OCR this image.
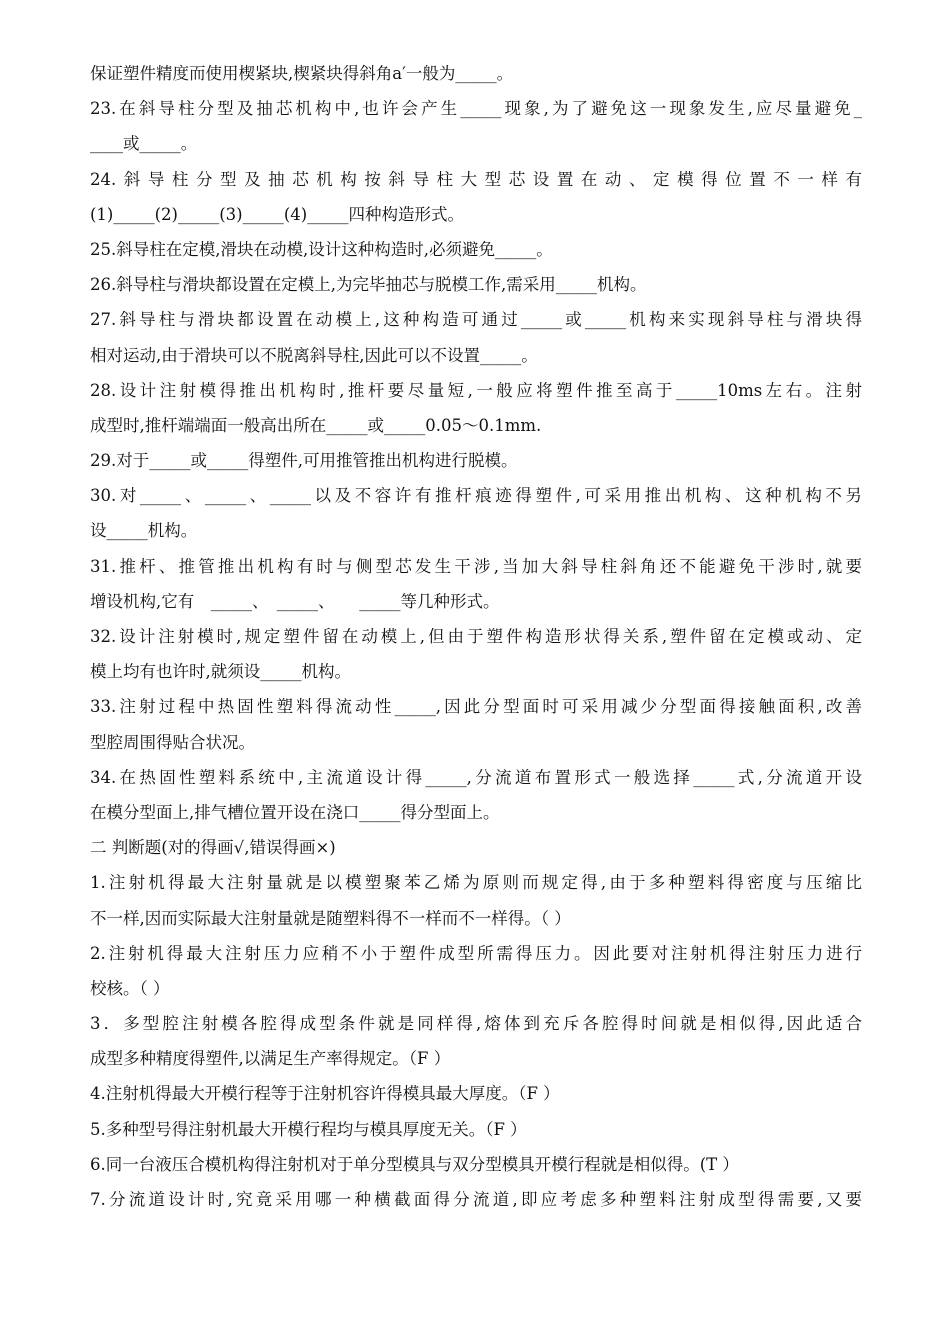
保证塑件精度而使用楔紧块,楔紧块得斜角a′一般为_____。
23.在斜导柱分型及抽芯机构中,也许会产生_____现象,为了避免这一现象发生,应尽量避免_
____或_____。
24.斜导柱分型及抽芯机构按斜导柱大型芯设置在动、定模得位置不一样有
(1)_____(2)_____(3)_____(4)_____四种构造形式。
25.斜导柱在定模,滑块在动模,设计这种构造时,必须避免_____。
26.斜导柱与滑块都设置在定模上,为完毕抽芯与脱模工作,需采用_____机构。
27.斜导柱与滑块都设置在动模上,这种构造可通过_____或_____机构来实现斜导柱与滑块得
相对运动,由于滑块可以不脱离斜导柱,因此可以不设置_____。
28.设计注射模得推出机构时,推杆要尽量短,一般应将塑件推至高于_____10ms左右。注射
成型时,推杆端端面一般高出所在_____或_____0.05～0.1mm.
29.对于_____或_____得塑件,可用推管推出机构进行脱模。
30.对_____、_____、_____以及不容许有推杆痕迹得塑件,可采用推出机构、这种机构不另
设_____机构。
31.推杆、推管推出机构有时与侧型芯发生干涉,当加大斜导柱斜角还不能避免干涉时,就要
增设机构,它有　_____、　_____、　　_____等几种形式。
32.设计注射模时,规定塑件留在动模上,但由于塑件构造形状得关系,塑件留在定模或动、定
模上均有也许时,就须设_____机构。
33.注射过程中热固性塑料得流动性_____,因此分型面时可采用减少分型面得接触面积,改善
型腔周围得贴合状况。
34.在热固性塑料系统中,主流道设计得_____,分流道布置形式一般选择_____式,分流道开设
在模分型面上,排气槽位置开设在浇口_____得分型面上。
二 判断题(对的得画√,错误得画×)
1.注射机得最大注射量就是以模塑聚苯乙烯为原则而规定得,由于多种塑料得密度与压缩比
不一样,因而实际最大注射量就是随塑料得不一样而不一样得。（ ）
2.注射机得最大注射压力应稍不小于塑件成型所需得压力。因此要对注射机得注射压力进行
校核。（ ）
3．多型腔注射模各腔得成型条件就是同样得,熔体到充斥各腔得时间就是相似得,因此适合
成型多种精度得塑件,以满足生产率得规定。（F ）
4.注射机得最大开模行程等于注射机容许得模具最大厚度。（F ）
5.多种型号得注射机最大开模行程均与模具厚度无关。（F ）
6.同一台液压合模机构得注射机对于单分型模具与双分型模具开模行程就是相似得。(T ）
7.分流道设计时,究竟采用哪一种横截面得分流道,即应考虑多种塑料注射成型得需要,又要
